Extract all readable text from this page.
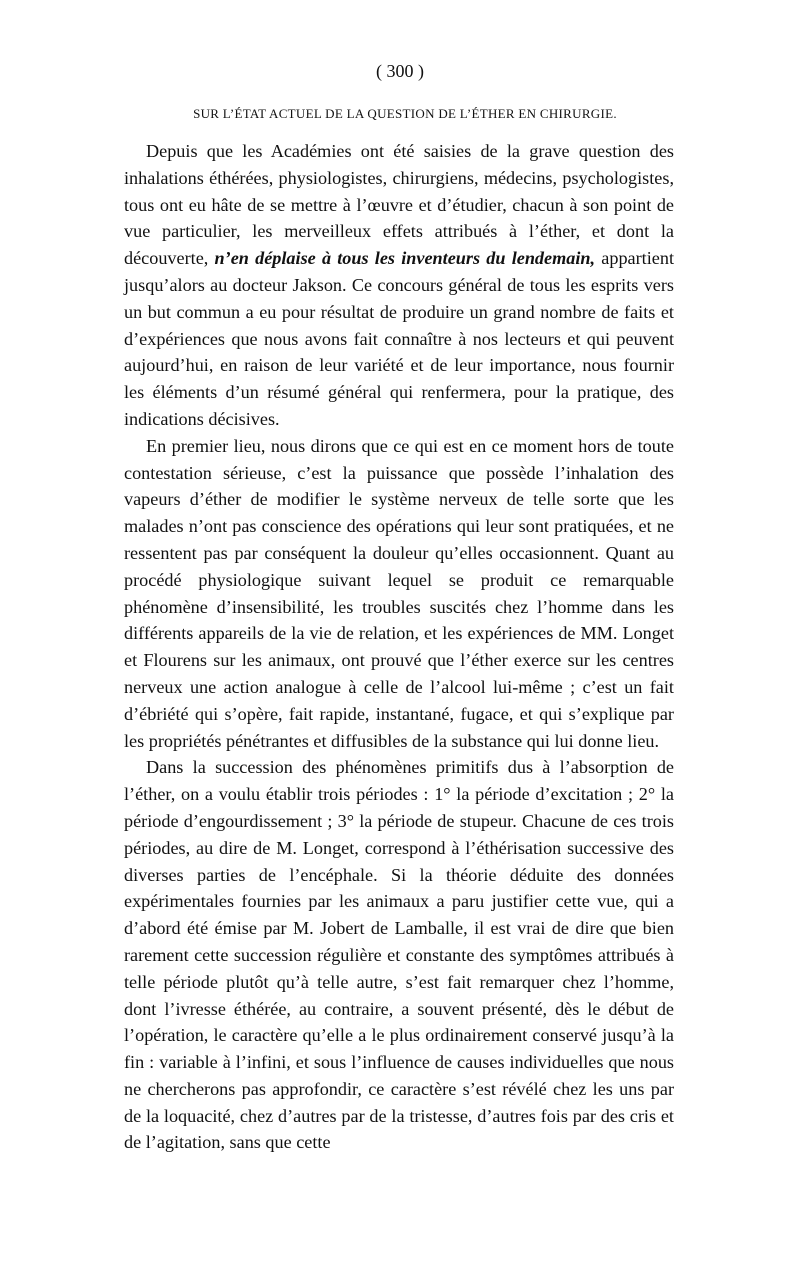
( 300 )
SUR L’ÉTAT ACTUEL DE LA QUESTION DE L’ÉTHER EN CHIRURGIE.

Depuis que les Académies ont été saisies de la grave question des inhalations éthérées, physiologistes, chirurgiens, médecins, psychologistes, tous ont eu hâte de se mettre à l’œuvre et d’étudier, chacun à son point de vue particulier, les merveilleux effets attribués à l’éther, et dont la découverte, n’en déplaise à tous les inventeurs du lendemain, appartient jusqu’alors au docteur Jakson. Ce concours général de tous les esprits vers un but commun a eu pour résultat de produire un grand nombre de faits et d’expériences que nous avons fait connaître à nos lecteurs et qui peuvent aujourd’hui, en raison de leur variété et de leur importance, nous fournir les éléments d’un résumé général qui renfermera, pour la pratique, des indications décisives.

En premier lieu, nous dirons que ce qui est en ce moment hors de toute contestation sérieuse, c’est la puissance que possède l’inhalation des vapeurs d’éther de modifier le système nerveux de telle sorte que les malades n’ont pas conscience des opérations qui leur sont pratiquées, et ne ressentent pas par conséquent la douleur qu’elles occasionnent. Quant au procédé physiologique suivant lequel se produit ce remarquable phénomène d’insensibilité, les troubles suscités chez l’homme dans les différents appareils de la vie de relation, et les expériences de MM. Longet et Flourens sur les animaux, ont prouvé que l’éther exerce sur les centres nerveux une action analogue à celle de l’alcool lui-même ; c’est un fait d’ébriété qui s’opère, fait rapide, instantané, fugace, et qui s’explique par les propriétés pénétrantes et diffusibles de la substance qui lui donne lieu.

Dans la succession des phénomènes primitifs dus à l’absorption de l’éther, on a voulu établir trois périodes : 1° la période d’excitation ; 2° la période d’engourdissement ; 3° la période de stupeur. Chacune de ces trois périodes, au dire de M. Longet, correspond à l’éthérisation successive des diverses parties de l’encéphale. Si la théorie déduite des données expérimentales fournies par les animaux a paru justifier cette vue, qui a d’abord été émise par M. Jobert de Lamballe, il est vrai de dire que bien rarement cette succession régulière et constante des symptômes attribués à telle période plutôt qu’à telle autre, s’est fait remarquer chez l’homme, dont l’ivresse éthérée, au contraire, a souvent présenté, dès le début de l’opération, le caractère qu’elle a le plus ordinairement conservé jusqu’à la fin : variable à l’infini, et sous l’influence de causes individuelles que nous ne chercherons pas approfondir, ce caractère s’est révélé chez les uns par de la loquacité, chez d’autres par de la tristesse, d’autres fois par des cris et de l’agitation, sans que cette
